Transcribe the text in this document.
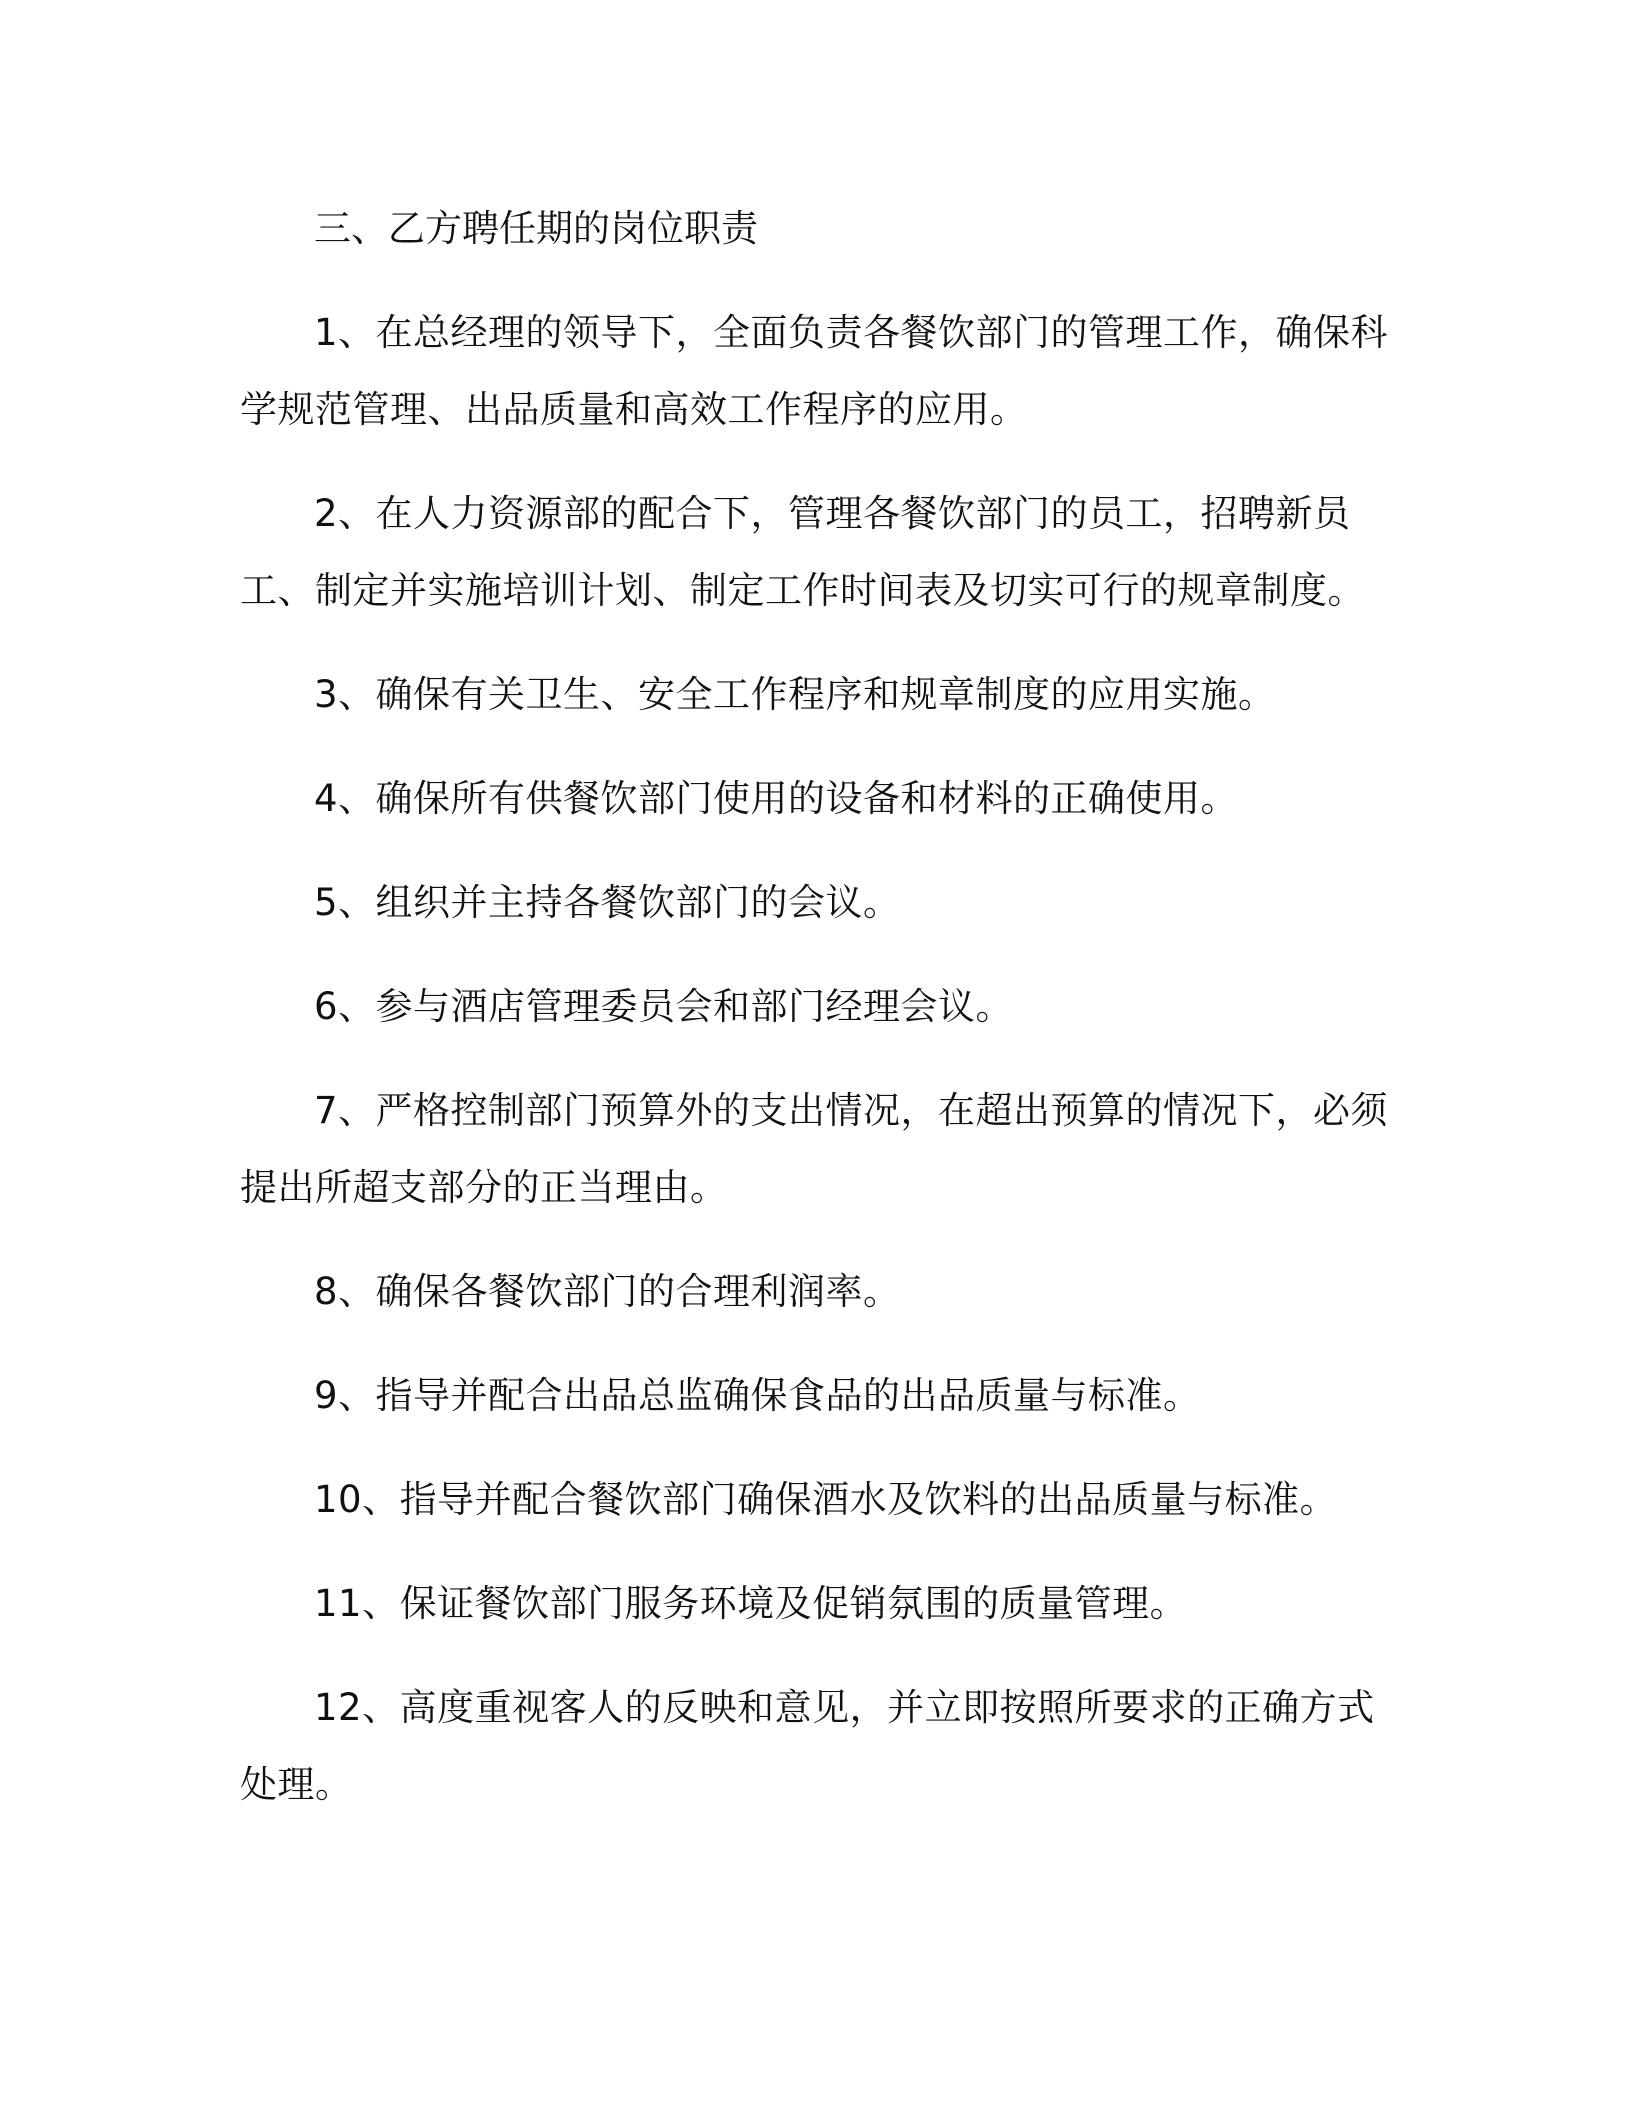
三、乙方聘任期的岗位职责

1、在总经理的领导下，全面负责各餐饮部门的管理工作，确保科学规范管理、出品质量和高效工作程序的应用。

2、在人力资源部的配合下，管理各餐饮部门的员工，招聘新员工、制定并实施培训计划、制定工作时间表及切实可行的规章制度。

3、确保有关卫生、安全工作程序和规章制度的应用实施。

4、确保所有供餐饮部门使用的设备和材料的正确使用。

5、组织并主持各餐饮部门的会议。

6、参与酒店管理委员会和部门经理会议。

7、严格控制部门预算外的支出情况，在超出预算的情况下，必须提出所超支部分的正当理由。

8、确保各餐饮部门的合理利润率。

9、指导并配合出品总监确保食品的出品质量与标准。

10、指导并配合餐饮部门确保酒水及饮料的出品质量与标准。

11、保证餐饮部门服务环境及促销氛围的质量管理。

12、高度重视客人的反映和意见，并立即按照所要求的正确方式处理。
